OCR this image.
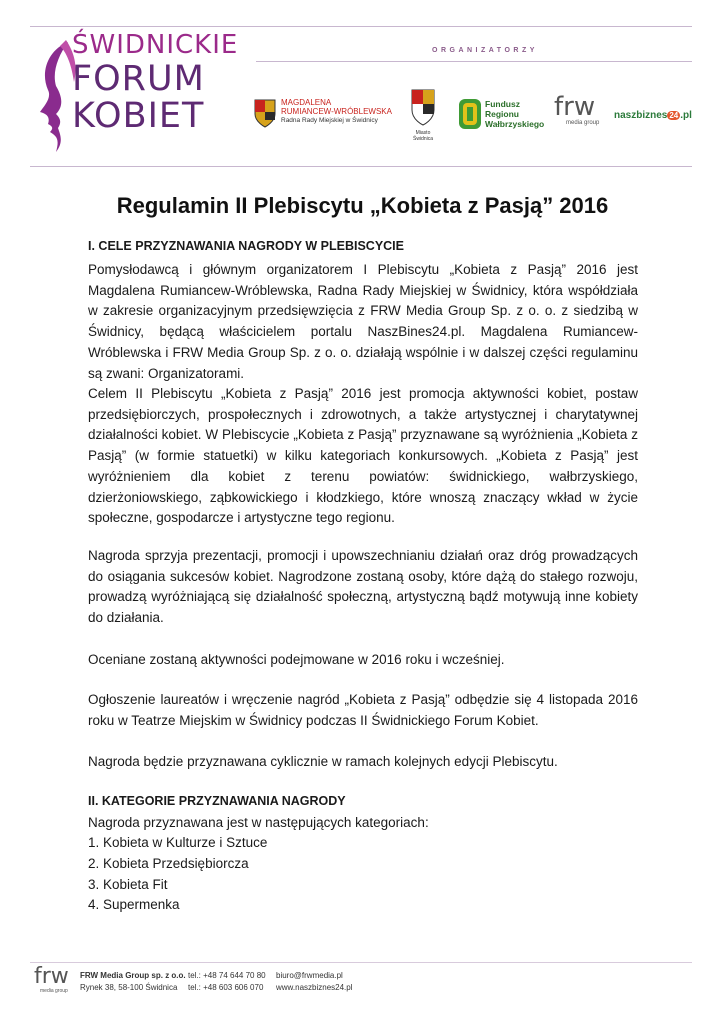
ŚWIDNICKIE
FORUM
KOBIET
ORGANIZATORZY
MAGDALENA
RUMIANCEW-WRÓBLEWSKA
Radna Rady Miejskiej w Świdnicy
Miasto
Świdnica
Fundusz
Regionu
Wałbrzyskiego
frw
media group
naszbiznes 24 .pl
Regulamin II Plebiscytu „Kobieta z Pasją” 2016
I. CELE PRZYZNAWANIA NAGRODY W PLEBISCYCIE
Pomysłodawcą i głównym organizatorem I Plebiscytu „Kobieta z Pasją” 2016 jest Magdalena Rumiancew-Wróblewska, Radna Rady Miejskiej w Świdnicy, która współdziała w zakresie organizacyjnym przedsięwzięcia z FRW Media Group Sp. z o. o. z siedzibą w Świdnicy, będącą właścicielem portalu NaszBines24.pl. Magdalena Rumiancew-Wróblewska i FRW Media Group Sp. z o. o. działają wspólnie i w dalszej części regulaminu są zwani: Organizatorami.
Celem II Plebiscytu „Kobieta z Pasją” 2016 jest promocja aktywności kobiet, postaw przedsiębiorczych, prospołecznych i zdrowotnych, a także artystycznej i charytatywnej działalności kobiet. W Plebiscycie „Kobieta z Pasją” przyznawane są wyróżnienia „Kobieta z Pasją” (w formie statuetki) w kilku kategoriach konkursowych. „Kobieta z Pasją” jest wyróżnieniem dla kobiet z terenu powiatów: świdnickiego, wałbrzyskiego, dzierżoniowskiego, ząbkowickiego i kłodzkiego, które wnoszą znaczący wkład w życie społeczne, gospodarcze i artystyczne tego regionu.
Nagroda sprzyja prezentacji, promocji i upowszechnianiu działań oraz dróg prowadzących do osiągania sukcesów kobiet. Nagrodzone zostaną osoby, które dążą do stałego rozwoju, prowadzą wyróżniającą się działalność społeczną, artystyczną bądź motywują inne kobiety do działania.
Oceniane zostaną aktywności podejmowane w 2016 roku i wcześniej.
Ogłoszenie laureatów i wręczenie nagród „Kobieta z Pasją” odbędzie się 4 listopada 2016 roku w Teatrze Miejskim w Świdnicy podczas II Świdnickiego Forum Kobiet.
Nagroda będzie przyznawana cyklicznie w ramach kolejnych edycji Plebiscytu.
II. KATEGORIE PRZYZNAWANIA NAGRODY
Nagroda przyznawana jest w następujących kategoriach:
1. Kobieta w Kulturze i Sztuce
2. Kobieta Przedsiębiorcza
3. Kobieta Fit
4. Supermenka
frw
media group
FRW Media Group sp. z o.o.
Rynek 38, 58-100 Świdnica
tel.: +48 74 644 70 80
tel.: +48 603 606 070
biuro@frwmedia.pl
www.naszbiznes24.pl
